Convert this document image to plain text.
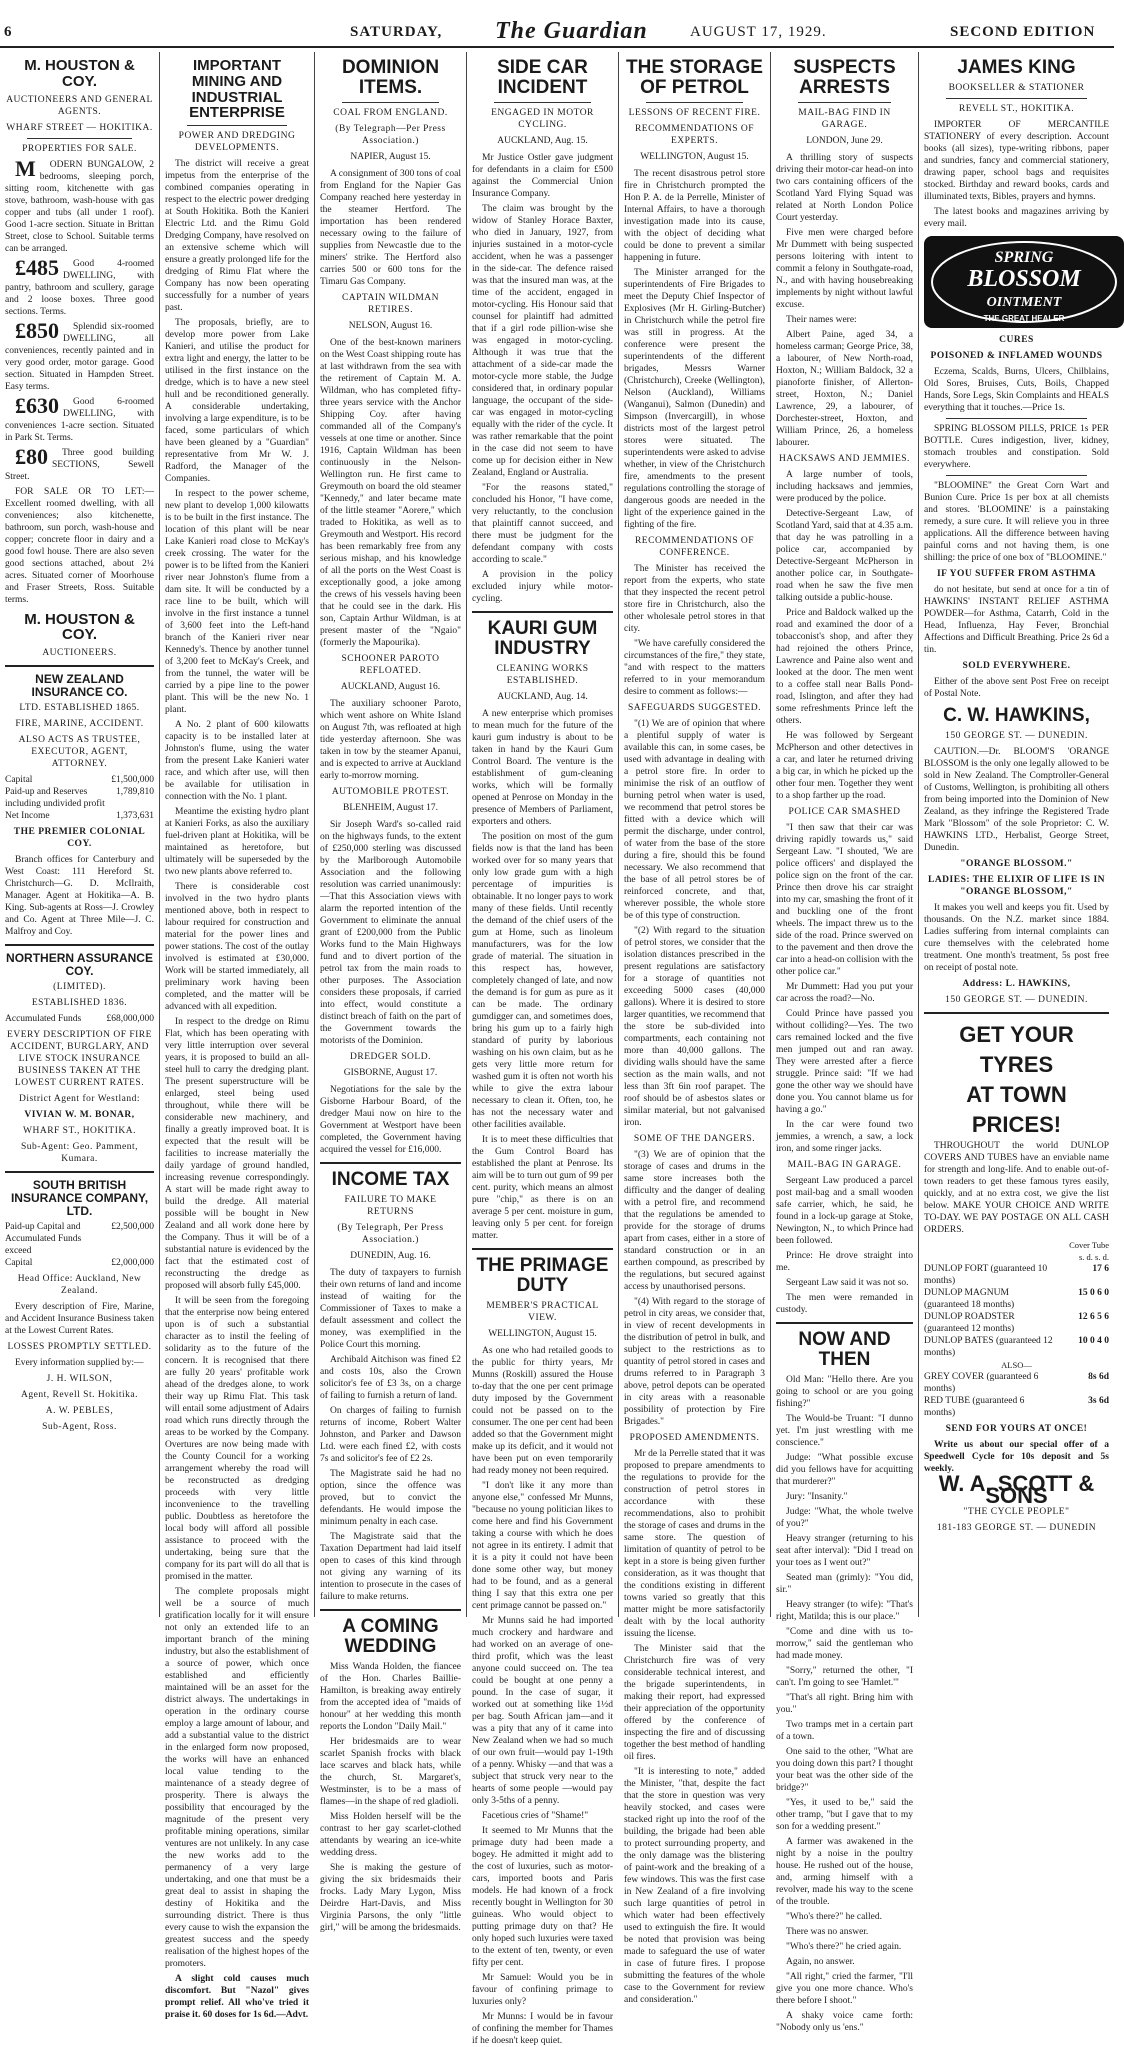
6	SATURDAY, The Guardian	AUGUST 17, 1929.	SECOND EDITION
M. HOUSTON & COY.
AUCTIONEERS AND GENERAL AGENTS.
WHARF STREET — HOKITIKA.
PROPERTIES FOR SALE.

M ODERN BUNGALOW, 2 bedrooms, sleeping porch, sitting room, kitchenette with gas stove, bathroom, wash-house with gas copper and tubs (all under 1 roof). Good 1-acre section. Situate in Brittan Street, close to School. Suitable terms can be arranged.

£485 Good 4-roomed DWELLING, with pantry, bathroom and scullery, garage and 2 loose boxes. Three good sections. Terms.

£850 Splendid six-roomed DWELLING, all conveniences, recently painted and in very good order, motor garage. Good section. Situated in Hampden Street. Easy terms.

£630 Good 6-roomed DWELLING, with conveniences 1-acre section. Situated in Park St. Terms.

£80 Three good building SECTIONS, Sewell Street.

FOR SALE OR TO LET:—Excellent roomed dwelling, with all conveniences; also kitchenette, bathroom, sun porch, wash-house and copper; concrete floor in dairy and a good fowl house. There are also seven good sections attached, about 2¼ acres. Situated corner of Moorhouse and Fraser Streets, Ross. Suitable terms.

M. HOUSTON & COY.
AUCTIONEERS.
NEW ZEALAND INSURANCE CO.
LTD. ESTABLISHED 1865.
FIRE, MARINE, ACCIDENT.
ALSO ACTS AS TRUSTEE, EXECUTOR, AGENT, ATTORNEY.
Capital	£1,500,000
Paid-up and Reserves including undivided profit
1,789,810
Net Income	1,373,631
THE PREMIER COLONIAL COY.

Branch offices for Canterbury and West Coast: 111 Hereford St. Christchurch—G. D. McIlraith, Manager. Agent at Hokitika—A. B. King. Sub-agents at Ross—J. Crowley and Co. Agent at Three Mile—J. C. Malfroy and Coy.

NORTHERN ASSURANCE COY.
(LIMITED).
ESTABLISHED 1836.
Accumulated Funds	£68,000,000
EVERY DESCRIPTION OF FIRE ACCIDENT, BURGLARY, AND LIVE STOCK INSURANCE BUSINESS TAKEN AT THE LOWEST CURRENT RATES.
District Agent for Westland:
VIVIAN W. M. BONAR,
WHARF ST., HOKITIKA.
Sub-Agent: Geo. Pamment, Kumara.
SOUTH BRITISH INSURANCE COMPANY, LTD.
Paid-up Capital and Accumulated Funds exceed
£2,500,000
Capital	£2,000,000
Head Office: Auckland, New Zealand.

Every description of Fire, Marine, and Accident Insurance Business taken at the Lowest Current Rates.

LOSSES PROMPTLY SETTLED.

Every information supplied by:—

J. H. WILSON,
Agent, Revell St. Hokitika.
A. W. PEBLES,
Sub-Agent, Ross.
IMPORTANT MINING AND INDUSTRIAL ENTERPRISE
POWER AND DREDGING DEVELOPMENTS.

The district will receive a great impetus from the enterprise of the combined companies operating in respect to the electric power dredging at South Hokitika. Both the Kanieri Electric Ltd. and the Rimu Gold Dredging Company, have resolved on an extensive scheme which will ensure a greatly prolonged life for the dredging of Rimu Flat where the Company has now been operating successfully for a number of years past.

The proposals, briefly, are to develop more power from Lake Kanieri, and utilise the product for extra light and energy, the latter to be utilised in the first instance on the dredge, which is to have a new steel hull and be reconditioned generally. A considerable undertaking, involving a large expenditure, is to be faced, some particulars of which have been gleaned by a "Guardian" representative from Mr W. J. Radford, the Manager of the Companies.

In respect to the power scheme, new plant to develop 1,000 kilowatts is to be built in the first instance. The location of this plant will be near Lake Kanieri road close to McKay's creek crossing. The water for the power is to be lifted from the Kanieri river near Johnston's flume from a dam site. It will be conducted by a race line to be built, which will involve in the first instance a tunnel of 3,600 feet into the Left-hand branch of the Kanieri river near Kennedy's. Thence by another tunnel of 3,200 feet to McKay's Creek, and from the tunnel, the water will be carried by a pipe line to the power plant. This will be the new No. 1 plant.

A No. 2 plant of 600 kilowatts capacity is to be installed later at Johnston's flume, using the water from the present Lake Kanieri water race, and which after use, will then be available for utilisation in connection with the No. 1 plant.

Meantime the existing hydro plant at Kanieri Forks, as also the auxiliary fuel-driven plant at Hokitika, will be maintained as heretofore, but ultimately will be superseded by the two new plants above referred to.

There is considerable cost involved in the two hydro plants mentioned above, both in respect to labour required for construction and material for the power lines and power stations. The cost of the outlay involved is estimated at £30,000. Work will be started immediately, all preliminary work having been completed, and the matter will be advanced with all expedition.

In respect to the dredge on Rimu Flat, which has been operating with very little interruption over several years, it is proposed to build an all-steel hull to carry the dredging plant. The present superstructure will be enlarged, steel being used throughout, while there will be considerable new machinery, and finally a greatly improved boat. It is expected that the result will be facilities to increase materially the daily yardage of ground handled, increasing revenue correspondingly. A start will be made right away to build the dredge. All material possible will be bought in New Zealand and all work done here by the Company. Thus it will be of a substantial nature is evidenced by the fact that the estimated cost of reconstructing the dredge as proposed will absorb fully £45,000.

It will be seen from the foregoing that the enterprise now being entered upon is of such a substantial character as to instil the feeling of solidarity as to the future of the concern. It is recognised that there are fully 20 years' profitable work ahead of the dredges alone, to work their way up Rimu Flat. This task will entail some adjustment of Adairs road which runs directly through the areas to be worked by the Company. Overtures are now being made with the County Council for a working arrangement whereby the road will be reconstructed as dredging proceeds with very little inconvenience to the travelling public. Doubtless as heretofore the local body will afford all possible assistance to proceed with the undertaking, being sure that the company for its part will do all that is promised in the matter.

The complete proposals might well be a source of much gratification locally for it will ensure not only an extended life to an important branch of the mining industry, but also the establishment of a source of power, which once established and efficiently maintained will be an asset for the district always. The undertakings in operation in the ordinary course employ a large amount of labour, and add a substantial value to the district in the enlarged form now proposed, the works will have an enhanced local value tending to the maintenance of a steady degree of prosperity. There is always the possibility that encouraged by the magnitude of the present very profitable mining operations, similar ventures are not unlikely. In any case the new works add to the permanency of a very large undertaking, and one that must be a great deal to assist in shaping the destiny of Hokitika and the surrounding district. There is thus every cause to wish the expansion the greatest success and the speedy realisation of the highest hopes of the promoters.

A slight cold causes much discomfort. But "Nazol" gives prompt relief. All who've tried it praise it. 60 doses for 1s 6d.—Advt.

DOMINION ITEMS.
COAL FROM ENGLAND.
(By Telegraph—Per Press Association.)
NAPIER, August 15.

A consignment of 300 tons of coal from England for the Napier Gas Company reached here yesterday in the steamer Hertford. The importation has been rendered necessary owing to the failure of supplies from Newcastle due to the miners' strike. The Hertford also carries 500 or 600 tons for the Timaru Gas Company.

CAPTAIN WILDMAN RETIRES.
NELSON, August 16.

One of the best-known mariners on the West Coast shipping route has at last withdrawn from the sea with the retirement of Captain M. A. Wildman, who has completed fifty-three years service with the Anchor Shipping Coy. after having commanded all of the Company's vessels at one time or another. Since 1916, Captain Wildman has been continuously in the Nelson-Wellington run. He first came to Greymouth on board the old steamer "Kennedy," and later became mate of the little steamer "Aorere," which traded to Hokitika, as well as to Greymouth and Westport. His record has been remarkably free from any serious mishap, and his knowledge of all the ports on the West Coast is exceptionally good, a joke among the crews of his vessels having been that he could see in the dark. His son, Captain Arthur Wildman, is at present master of the "Ngaio" (formerly the Mapourika).

SCHOONER PAROTO REFLOATED.
AUCKLAND, August 16.

The auxiliary schooner Paroto, which went ashore on White Island on August 7th, was refloated at high tide yesterday afternoon. She was taken in tow by the steamer Apanui, and is expected to arrive at Auckland early to-morrow morning.

AUTOMOBILE PROTEST.
BLENHEIM, August 17.

Sir Joseph Ward's so-called raid on the highways funds, to the extent of £250,000 sterling was discussed by the Marlborough Automobile Association and the following resolution was carried unanimously:—That this Association views with alarm the reported intention of the Government to eliminate the annual grant of £200,000 from the Public Works fund to the Main Highways fund and to divert portion of the petrol tax from the main roads to other purposes. The Association considers these proposals, if carried into effect, would constitute a distinct breach of faith on the part of the Government towards the motorists of the Dominion.

DREDGER SOLD.
GISBORNE, August 17.

Negotiations for the sale by the Gisborne Harbour Board, of the dredger Maui now on hire to the Government at Westport have been completed, the Government having acquired the vessel for £16,000.

INCOME TAX
FAILURE TO MAKE RETURNS
(By Telegraph, Per Press Association.)
DUNEDIN, Aug. 16.

The duty of taxpayers to furnish their own returns of land and income instead of waiting for the Commissioner of Taxes to make a default assessment and collect the money, was exemplified in the Police Court this morning.

Archibald Aitchison was fined £2 and costs 10s, also the Crown solicitor's fee of £3 3s, on a charge of failing to furnish a return of land.

On charges of failing to furnish returns of income, Robert Walter Johnston, and Parker and Dawson Ltd. were each fined £2, with costs 7s and solicitor's fee of £2 2s.

The Magistrate said he had no option, since the offence was proved, but to convict the defendants. He would impose the minimum penalty in each case.

The Magistrate said that the Taxation Department had laid itself open to cases of this kind through not giving any warning of its intention to prosecute in the cases of failure to make returns.

A COMING WEDDING

Miss Wanda Holden, the fiancee of the Hon. Charles Baillie-Hamilton, is breaking away entirely from the accepted idea of "maids of honour" at her wedding this month reports the London "Daily Mail."

Her bridesmaids are to wear scarlet Spanish frocks with black lace scarves and black hats, while the church, St. Margaret's, Westminster, is to be a mass of flames—in the shape of red gladioli.

Miss Holden herself will be the contrast to her gay scarlet-clothed attendants by wearing an ice-white wedding dress.

She is making the gesture of giving the six bridesmaids their frocks. Lady Mary Lygon, Miss Deirdre Hart-Davis, and Miss Virginia Parsons, the only "little girl," will be among the bridesmaids.

SIDE CAR INCIDENT
ENGAGED IN MOTOR CYCLING.
AUCKLAND, Aug. 15.

Mr Justice Ostler gave judgment for defendants in a claim for £500 against the Commercial Union Insurance Company.

The claim was brought by the widow of Stanley Horace Baxter, who died in January, 1927, from injuries sustained in a motor-cycle accident, when he was a passenger in the side-car. The defence raised was that the insured man was, at the time of the accident, engaged in motor-cycling. His Honour said that counsel for plaintiff had admitted that if a girl rode pillion-wise she was engaged in motor-cycling. Although it was true that the attachment of a side-car made the motor-cycle more stable, the Judge considered that, in ordinary popular language, the occupant of the side-car was engaged in motor-cycling equally with the rider of the cycle. It was rather remarkable that the point in the case did not seem to have come up for decision either in New Zealand, England or Australia.

"For the reasons stated," concluded his Honor, "I have come, very reluctantly, to the conclusion that plaintiff cannot succeed, and there must be judgment for the defendant company with costs according to scale."

A provision in the policy excluded injury while motor-cycling.

KAURI GUM INDUSTRY
CLEANING WORKS ESTABLISHED.
AUCKLAND, Aug. 14.

A new enterprise which promises to mean much for the future of the kauri gum industry is about to be taken in hand by the Kauri Gum Control Board. The venture is the establishment of gum-cleaning works, which will be formally opened at Penrose on Monday in the presence of Members of Parliament, exporters and others.

The position on most of the gum fields now is that the land has been worked over for so many years that only low grade gum with a high percentage of impurities is obtainable. It no longer pays to work many of these fields. Until recently the demand of the chief users of the gum at Home, such as linoleum manufacturers, was for the low grade of material. The situation in this respect has, however, completely changed of late, and now the demand is for gum as pure as it can be made. The ordinary gumdigger can, and sometimes does, bring his gum up to a fairly high standard of purity by laborious washing on his own claim, but as he gets very little more return for washed gum it is often not worth his while to give the extra labour necessary to clean it. Often, too, he has not the necessary water and other facilities available.

It is to meet these difficulties that the Gum Control Board has established the plant at Penrose. Its aim will be to turn out gum of 99 per cent. purity, which means an almost pure "chip," as there is on an average 5 per cent. moisture in gum, leaving only 5 per cent. for foreign matter.

THE PRIMAGE DUTY
MEMBER'S PRACTICAL VIEW.
WELLINGTON, August 15.

As one who had retailed goods to the public for thirty years, Mr Munns (Roskill) assured the House to-day that the one per cent primage duty imposed by the Government could not be passed on to the consumer. The one per cent had been added so that the Government might make up its deficit, and it would not have been put on even temporarily had ready money not been required.

"I don't like it any more than anyone else," confessed Mr Munns, "because no young politician likes to come here and find his Government taking a course with which he does not agree in its entirety. I admit that it is a pity it could not have been done some other way, but money had to be found, and as a general thing I say that this extra one per cent primage cannot be passed on."

Mr Munns said he had imported much crockery and hardware and had worked on an average of one-third profit, which was the least anyone could succeed on. The tea could be bought at one penny a pound. In the case of sugar, it worked out at something like 1½d per bag. South African jam—and it was a pity that any of it came into New Zealand when we had so much of our own fruit—would pay 1-19th of a penny. Whisky —and that was a subject that struck very near to the hearts of some people —would pay only 3-5ths of a penny.

Facetious cries of "Shame!"

It seemed to Mr Munns that the primage duty had been made a bogey. He admitted it might add to the cost of luxuries, such as motor-cars, imported boots and Paris models. He had known of a frock recently bought in Wellington for 30 guineas. Who would object to putting primage duty on that? He only hoped such luxuries were taxed to the extent of ten, twenty, or even fifty per cent.

Mr Samuel: Would you be in favour of confining primage to luxuries only?

Mr Munns: I would be in favour of confining the member for Thames if he doesn't keep quiet.

THE STORAGE OF PETROL
LESSONS OF RECENT FIRE.
RECOMMENDATIONS OF EXPERTS.
WELLINGTON, August 15.

The recent disastrous petrol store fire in Christchurch prompted the Hon P. A. de la Perrelle, Minister of Internal Affairs, to have a thorough investigation made into its cause, with the object of deciding what could be done to prevent a similar happening in future.

The Minister arranged for the superintendents of Fire Brigades to meet the Deputy Chief Inspector of Explosives (Mr H. Girling-Butcher) in Christchurch while the petrol fire was still in progress. At the conference were present the superintendents of the different brigades, Messrs Warner (Christchurch), Creeke (Wellington), Nelson (Auckland), Williams (Wanganui), Salmon (Dunedin) and Simpson (Invercargill), in whose districts most of the largest petrol stores were situated. The superintendents were asked to advise whether, in view of the Christchurch fire, amendments to the present regulations controlling the storage of dangerous goods are needed in the light of the experience gained in the fighting of the fire.

RECOMMENDATIONS OF CONFERENCE.

The Minister has received the report from the experts, who state that they inspected the recent petrol store fire in Christchurch, also the other wholesale petrol stores in that city.

"We have carefully considered the circumstances of the fire," they state, "and with respect to the matters referred to in your memorandum desire to comment as follows:—

SAFEGUARDS SUGGESTED.

"(1) We are of opinion that where a plentiful supply of water is available this can, in some cases, be used with advantage in dealing with a petrol store fire. In order to minimise the risk of an outflow of burning petrol when water is used, we recommend that petrol stores be fitted with a device which will permit the discharge, under control, of water from the base of the store during a fire, should this be found necessary. We also recommend that the base of all petrol stores be of reinforced concrete, and that, wherever possible, the whole store be of this type of construction.

"(2) With regard to the situation of petrol stores, we consider that the isolation distances prescribed in the present regulations are satisfactory for a storage of quantities not exceeding 5000 cases (40,000 gallons). Where it is desired to store larger quantities, we recommend that the store be sub-divided into compartments, each containing not more than 40,000 gallons. The dividing walls should have the same section as the main walls, and not less than 3ft 6in roof parapet. The roof should be of asbestos slates or similar material, but not galvanised iron.

SOME OF THE DANGERS.

"(3) We are of opinion that the storage of cases and drums in the same store increases both the difficulty and the danger of dealing with a petrol fire, and recommend that the regulations be amended to provide for the storage of drums apart from cases, either in a store of standard construction or in an earthen compound, as prescribed by the regulations, but secured against access by unauthorised persons.

"(4) With regard to the storage of petrol in city areas, we consider that, in view of recent developments in the distribution of petrol in bulk, and subject to the restrictions as to quantity of petrol stored in cases and drums referred to in Paragraph 3 above, petrol depots can be operated in city areas with a reasonable possibility of protection by Fire Brigades."

PROPOSED AMENDMENTS.

Mr de la Perrelle stated that it was proposed to prepare amendments to the regulations to provide for the construction of petrol stores in accordance with these recommendations, also to prohibit the storage of cases and drums in the same store. The question of limitation of quantity of petrol to be kept in a store is being given further consideration, as it was thought that the conditions existing in different towns varied so greatly that this matter might be more satisfactorily dealt with by the local authority issuing the license.

The Minister said that the Christchurch fire was of very considerable technical interest, and the brigade superintendents, in making their report, had expressed their appreciation of the opportunity offered by the conference of inspecting the fire and of discussing together the best method of handling oil fires.

"It is interesting to note," added the Minister, "that, despite the fact that the store in question was very heavily stocked, and cases were stacked right up into the roof of the building, the brigade had been able to protect surrounding property, and the only damage was the blistering of paint-work and the breaking of a few windows. This was the first case in New Zealand of a fire involving such large quantities of petrol in which water had been effectively used to extinguish the fire. It would be noted that provision was being made to safeguard the use of water in case of future fires. I propose submitting the features of the whole case to the Government for review and consideration."

SUSPECTS ARRESTS
MAIL-BAG FIND IN GARAGE.
LONDON, June 29.

A thrilling story of suspects driving their motor-car head-on into two cars containing officers of the Scotland Yard Flying Squad was related at North London Police Court yesterday.

Five men were charged before Mr Dummett with being suspected persons loitering with intent to commit a felony in Southgate-road, N., and with having housebreaking implements by night without lawful excuse.

Their names were:

Albert Paine, aged 34, a homeless carman; George Price, 38, a labourer, of New North-road, Hoxton, N.; William Baldock, 32 a pianoforte finisher, of Allerton-street, Hoxton, N.; Daniel Lawrence, 29, a labourer, of Dorchester-street, Hoxton, and William Prince, 26, a homeless labourer.

HACKSAWS AND JEMMIES.

A large number of tools, including hacksaws and jemmies, were produced by the police.

Detective-Sergeant Law, of Scotland Yard, said that at 4.35 a.m. that day he was patrolling in a police car, accompanied by Detective-Sergeant McPherson in another police car, in Southgate-road when he saw the five men talking outside a public-house.

Price and Baldock walked up the road and examined the door of a tobacconist's shop, and after they had rejoined the others Prince, Lawrence and Paine also went and looked at the door. The men went to a coffee stall near Balls Pond-road, Islington, and after they had some refreshments Prince left the others.

He was followed by Sergeant McPherson and other detectives in a car, and later he returned driving a big car, in which he picked up the other four men. Together they went to a shop farther up the road.

POLICE CAR SMASHED

"I then saw that their car was driving rapidly towards us," said Sergeant Law. "I shouted, 'We are police officers' and displayed the police sign on the front of the car. Prince then drove his car straight into my car, smashing the front of it and buckling one of the front wheels. The impact threw us to the side of the road. Prince swerved on to the pavement and then drove the car into a head-on collision with the other police car."

Mr Dummett: Had you put your car across the road?—No.

Could Prince have passed you without colliding?—Yes. The two cars remained locked and the five men jumped out and ran away. They were arrested after a fierce struggle. Prince said: "If we had gone the other way we should have done you. You cannot blame us for having a go."

In the car were found two jemmies, a wrench, a saw, a lock iron, and some ringer jacks.

MAIL-BAG IN GARAGE.

Sergeant Law produced a parcel post mail-bag and a small wooden safe carrier, which, he said, he found in a lock-up garage at Stoke, Newington, N., to which Prince had been followed.

Prince: He drove straight into me.

Sergeant Law said it was not so.

The men were remanded in custody.

NOW AND THEN

Old Man: "Hello there. Are you going to school or are you going fishing?"

The Would-be Truant: "I dunno yet. I'm just wrestling with me conscience."

Judge: "What possible excuse did you fellows have for acquitting that murderer?"

Jury: "Insanity."

Judge: "What, the whole twelve of you?"

Heavy stranger (returning to his seat after interval): "Did I tread on your toes as I went out?"

Seated man (grimly): "You did, sir."

Heavy stranger (to wife): "That's right, Matilda; this is our place."

"Come and dine with us to-morrow," said the gentleman who had made money.

"Sorry," returned the other, "I can't. I'm going to see 'Hamlet.'"

"That's all right. Bring him with you."

Two tramps met in a certain part of a town.

One said to the other, "What are you doing down this part? I thought your beat was the other side of the bridge?"

"Yes, it used to be," said the other tramp, "but I gave that to my son for a wedding present."

A farmer was awakened in the night by a noise in the poultry house. He rushed out of the house, and, arming himself with a revolver, made his way to the scene of the trouble.

"Who's there?" he called.

There was no answer.

"Who's there?" he cried again.

Again, no answer.

"All right," cried the farmer, "I'll give you one more chance. Who's there before I shoot."

A shaky voice came forth: "Nobody only us 'ens."

JAMES KING
BOOKSELLER & STATIONER
REVELL ST., HOKITIKA.

IMPORTER OF MERCANTILE STATIONERY of every description. Account books (all sizes), type-writing ribbons, paper and sundries, fancy and commercial stationery, drawing paper, school bags and requisites stocked. Birthday and reward books, cards and illuminated texts, Bibles, prayers and hymns.

The latest books and magazines arriving by every mail.

SPRING
BLOSSOM
OINTMENT
THE GREAT HEALER
CURES
POISONED & INFLAMED WOUNDS

Eczema, Scalds, Burns, Ulcers, Chilblains, Old Sores, Bruises, Cuts, Boils, Chapped Hands, Sore Legs, Skin Complaints and HEALS everything that it touches.—Price 1s.

SPRING BLOSSOM PILLS, PRICE 1s PER BOTTLE. Cures indigestion, liver, kidney, stomach troubles and constipation. Sold everywhere.

"BLOOMINE" the Great Corn Wart and Bunion Cure. Price 1s per box at all chemists and stores. 'BLOOMINE' is a painstaking remedy, a sure cure. It will relieve you in three applications. All the difference between having painful corns and not having them, is one shilling: the price of one box of "BLOOMINE."

IF YOU SUFFER FROM ASTHMA

do not hesitate, but send at once for a tin of HAWKINS' INSTANT RELIEF ASTHMA POWDER—for Asthma, Catarrh, Cold in the Head, Influenza, Hay Fever, Bronchial Affections and Difficult Breathing. Price 2s 6d a tin.

SOLD EVERYWHERE.

Either of the above sent Post Free on receipt of Postal Note.

C. W. HAWKINS,
150 GEORGE ST. — DUNEDIN.

CAUTION.—Dr. BLOOM'S 'ORANGE BLOSSOM is the only one legally allowed to be sold in New Zealand. The Comptroller-General of Customs, Wellington, is prohibiting all others from being imported into the Dominion of New Zealand, as they infringe the Registered Trade Mark "Blossom" of the sole Proprietor: C. W. HAWKINS LTD., Herbalist, George Street, Dunedin.

"ORANGE BLOSSOM."
LADIES: THE ELIXIR OF LIFE IS IN "ORANGE BLOSSOM,"

It makes you well and keeps you fit. Used by thousands. On the N.Z. market since 1884. Ladies suffering from internal complaints can cure themselves with the celebrated home treatment. One month's treatment, 5s post free on receipt of postal note.

Address: L. HAWKINS,
150 GEORGE ST. — DUNEDIN.
GET YOUR TYRES
AT TOWN PRICES!

THROUGHOUT the world DUNLOP COVERS AND TUBES have an enviable name for strength and long-life. And to enable out-of-town readers to get these famous tyres easily, quickly, and at no extra cost, we give the list below. MAKE YOUR CHOICE AND WRITE TO-DAY. WE PAY POSTAGE ON ALL CASH ORDERS.

Cover Tube
s. d. s. d.
DUNLOP FORT (guaranteed 10 months)
17 6
DUNLOP MAGNUM (guaranteed 18 months)
15 0 6 0
DUNLOP ROADSTER (guaranteed 12 months)
12 6 5 6
DUNLOP BATES (guaranteed 12 months)
10 0 4 0
ALSO—
GREY COVER (guaranteed 6 months)
8s 6d
RED TUBE (guaranteed 6 months)
3s 6d
SEND FOR YOURS AT ONCE!

Write us about our special offer of a Speedwell Cycle for 10s deposit and 5s weekly.

W. A. SCOTT & SONS
"THE CYCLE PEOPLE"
181-183 GEORGE ST. — DUNEDIN
